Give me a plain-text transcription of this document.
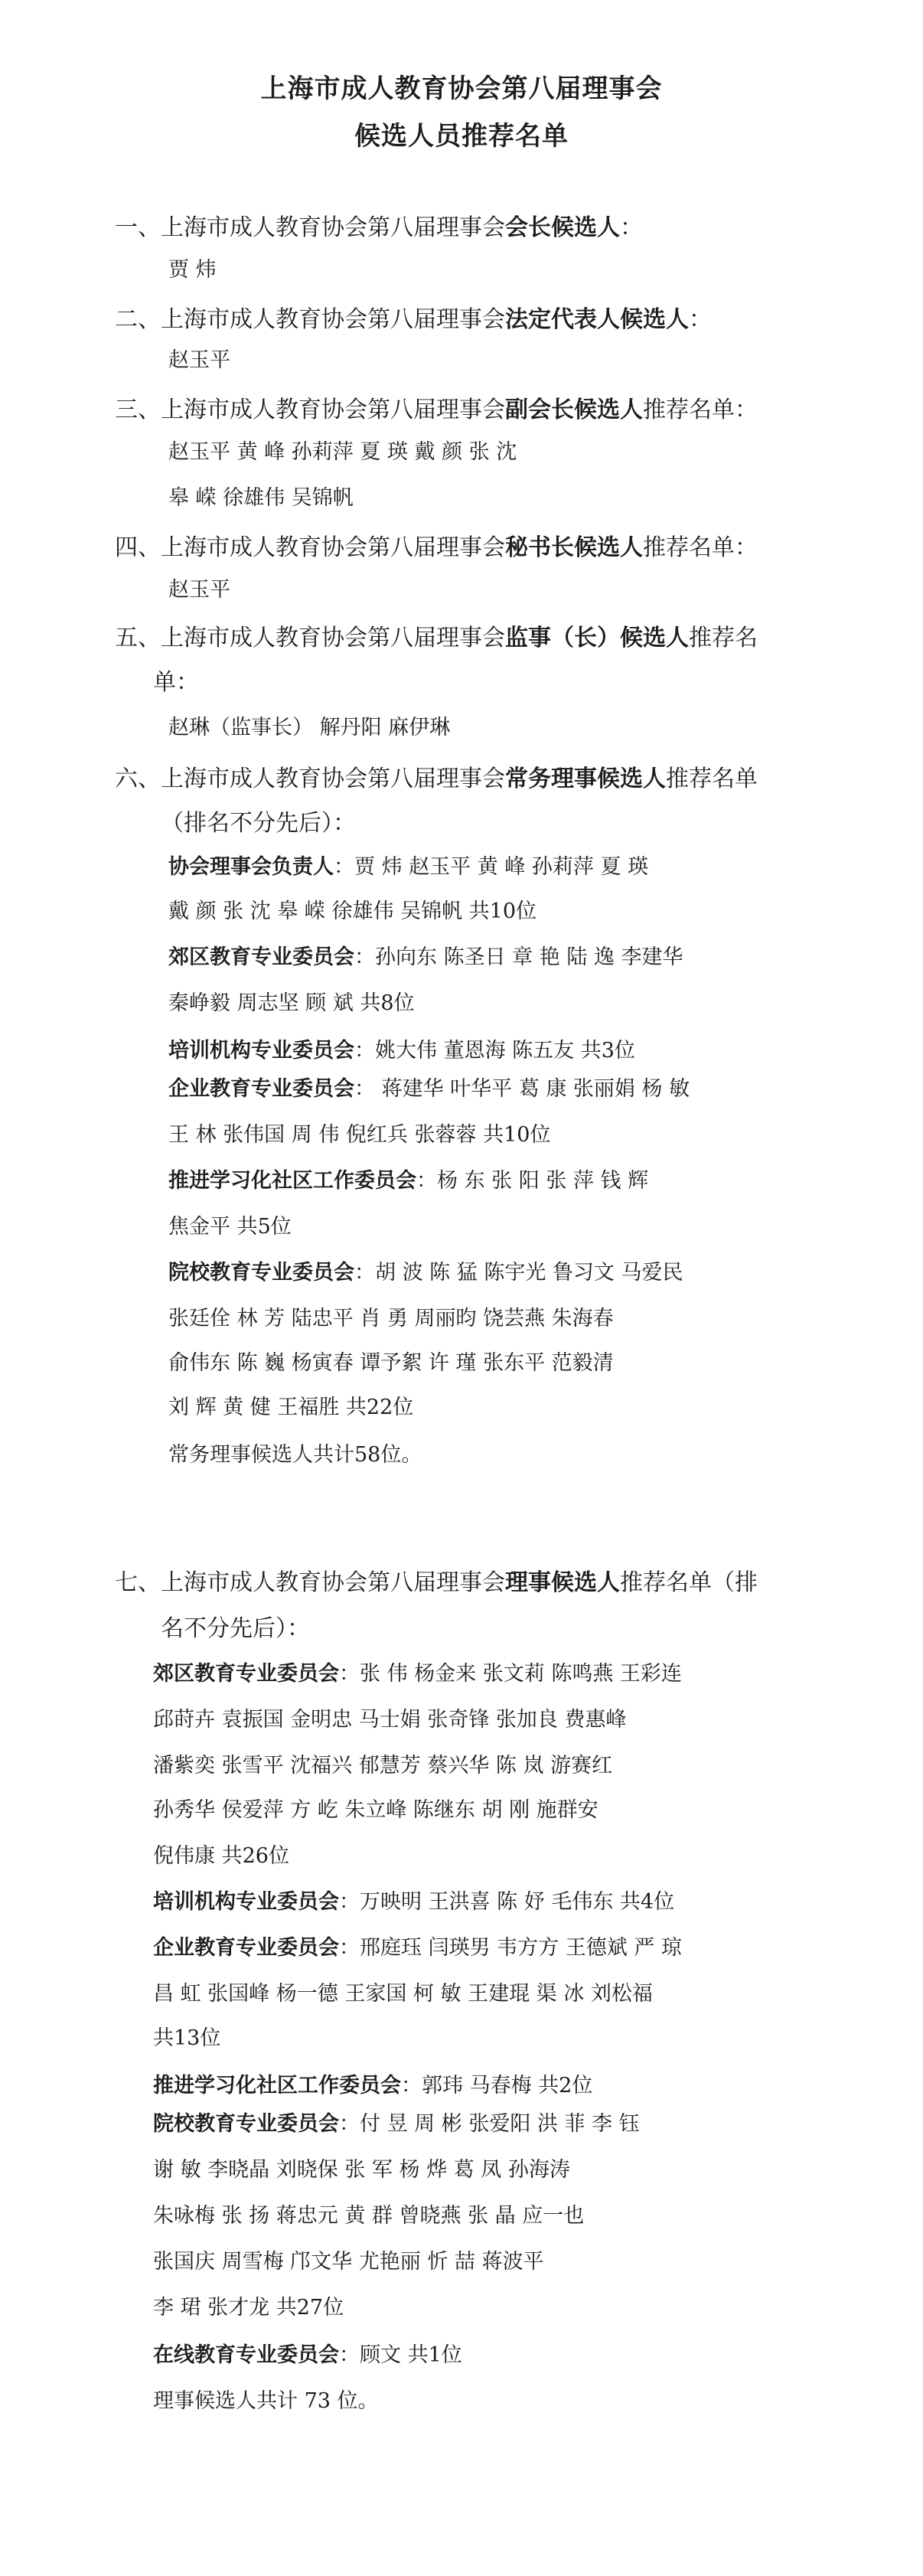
上海市成人教育协会第八届理事会
候选人员推荐名单
一、上海市成人教育协会第八届理事会会长候选人：
贾 炜
二、上海市成人教育协会第八届理事会法定代表人候选人：
赵玉平
三、上海市成人教育协会第八届理事会副会长候选人推荐名单：
赵玉平 黄 峰 孙莉萍 夏 瑛 戴 颜 张 沈
皋 嵘 徐雄伟 吴锦帆
四、上海市成人教育协会第八届理事会秘书长候选人推荐名单：
赵玉平
五、上海市成人教育协会第八届理事会监事（长）候选人推荐名
单：
赵琳（监事长） 解丹阳 麻伊琳
六、上海市成人教育协会第八届理事会常务理事候选人推荐名单
（排名不分先后）：
协会理事会负责人：贾 炜 赵玉平 黄 峰 孙莉萍 夏 瑛
戴 颜 张 沈 皋 嵘 徐雄伟 吴锦帆 共10位
郊区教育专业委员会：孙向东 陈圣日 章 艳 陆 逸 李建华
秦峥毅 周志坚 顾 斌 共8位
培训机构专业委员会：姚大伟 董恩海 陈五友 共3位
企业教育专业委员会： 蒋建华 叶华平 葛 康 张丽娟 杨 敏
王 林 张伟国 周 伟 倪红兵 张蓉蓉 共10位
推进学习化社区工作委员会：杨 东 张 阳 张 萍 钱 辉
焦金平 共5位
院校教育专业委员会：胡 波 陈 猛 陈宇光 鲁习文 马爱民
张廷佺 林 芳 陆忠平 肖 勇 周丽昀 饶芸燕 朱海春
俞伟东 陈 巍 杨寅春 谭予絮 许 瑾 张东平 范毅清
刘 辉 黄 健 王福胜 共22位
常务理事候选人共计58位。
七、上海市成人教育协会第八届理事会理事候选人推荐名单（排
名不分先后）：
郊区教育专业委员会：张 伟 杨金来 张文莉 陈鸣燕 王彩连
邱莳卉 袁振国 金明忠 马士娟 张奇锋 张加良 费惠峰
潘紫奕 张雪平 沈福兴 郁慧芳 蔡兴华 陈 岚 游赛红
孙秀华 侯爱萍 方 屹 朱立峰 陈继东 胡 刚 施群安
倪伟康 共26位
培训机构专业委员会：万映明 王洪喜 陈 妤 毛伟东 共4位
企业教育专业委员会：邢庭珏 闫瑛男 韦方方 王德斌 严 琼
昌 虹 张国峰 杨一德 王家国 柯 敏 王建琨 渠 冰 刘松福
共13位
推进学习化社区工作委员会：郭玮 马春梅 共2位
院校教育专业委员会：付 昱 周 彬 张爱阳 洪 菲 李 钰
谢 敏 李晓晶 刘晓保 张 军 杨 烨 葛 凤 孙海涛
朱咏梅 张 扬 蒋忠元 黄 群 曾晓燕 张 晶 应一也
张国庆 周雪梅 邝文华 尤艳丽 忻 喆 蒋波平
李 珺 张才龙 共27位
在线教育专业委员会：顾文 共1位
理事候选人共计 73 位。
